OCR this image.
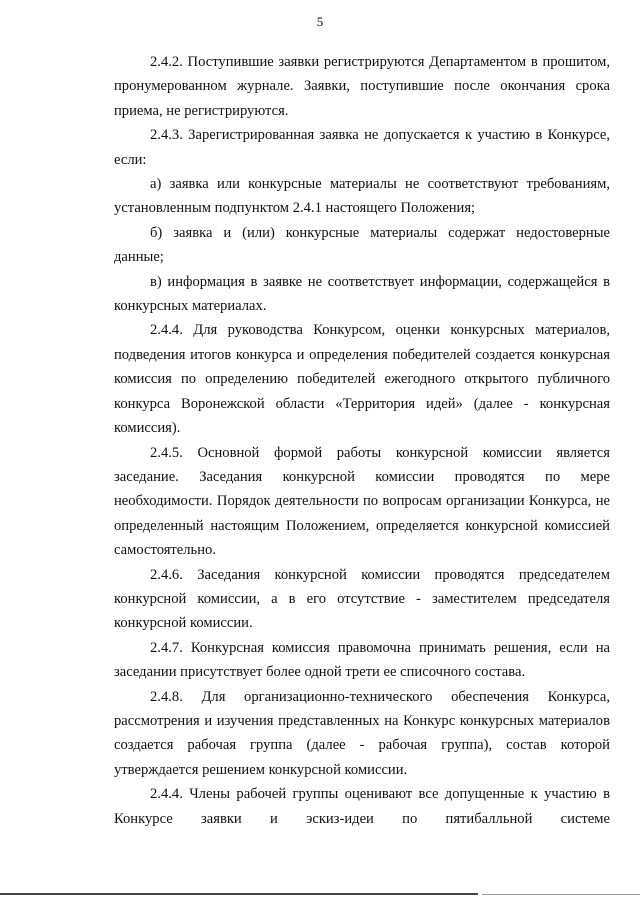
5

2.4.2. Поступившие заявки регистрируются Департаментом в прошитом, пронумерованном журнале. Заявки, поступившие после окончания срока приема, не регистрируются.

2.4.3. Зарегистрированная заявка не допускается к участию в Конкурсе, если:

а) заявка или конкурсные материалы не соответствуют требованиям, установленным подпунктом 2.4.1 настоящего Положения;

б) заявка и (или) конкурсные материалы содержат недостоверные данные;

в) информация в заявке не соответствует информации, содержащейся в конкурсных материалах.

2.4.4. Для руководства Конкурсом, оценки конкурсных материалов, подведения итогов конкурса и определения победителей создается конкурсная комиссия по определению победителей ежегодного открытого публичного конкурса Воронежской области «Территория идей» (далее - конкурсная комиссия).

2.4.5. Основной формой работы конкурсной комиссии является заседание. Заседания конкурсной комиссии проводятся по мере необходимости. Порядок деятельности по вопросам организации Конкурса, не определенный настоящим Положением, определяется конкурсной комиссией самостоятельно.

2.4.6. Заседания конкурсной комиссии проводятся председателем конкурсной комиссии, а в его отсутствие - заместителем председателя конкурсной комиссии.

2.4.7. Конкурсная комиссия правомочна принимать решения, если на заседании присутствует более одной трети ее списочного состава.

2.4.8. Для организационно-технического обеспечения Конкурса, рассмотрения и изучения представленных на Конкурс конкурсных материалов создается рабочая группа (далее - рабочая группа), состав которой утверждается решением конкурсной комиссии.

2.4.4. Члены рабочей группы оценивают все допущенные к участию в Конкурсе заявки и эскиз-идеи по пятибалльной системе
